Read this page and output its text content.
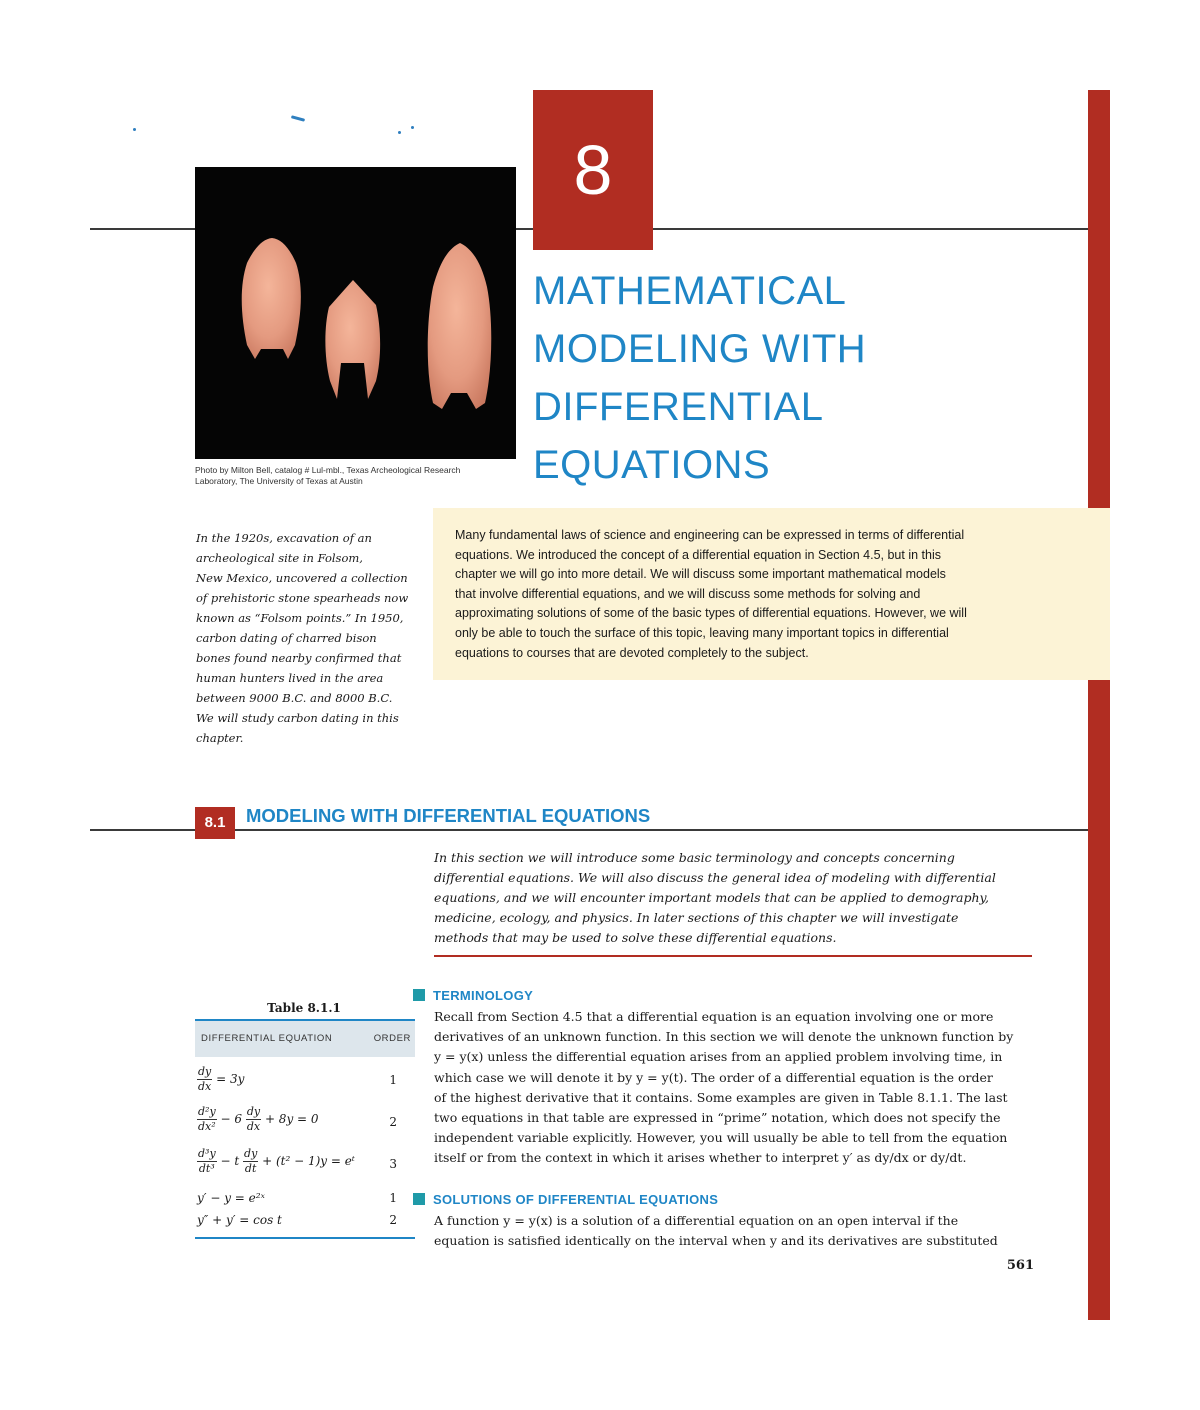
Photo by Milton Bell, catalog # Lul-mbl., Texas Archeological Research
Laboratory, The University of Texas at Austin
8
MATHEMATICAL
MODELING WITH
DIFFERENTIAL
EQUATIONS
In the 1920s, excavation of an
archeological site in Folsom,
New Mexico, uncovered a collection
of prehistoric stone spearheads now
known as “Folsom points.” In 1950,
carbon dating of charred bison
bones found nearby confirmed that
human hunters lived in the area
between 9000 B.C. and 8000 B.C.
We will study carbon dating in this
chapter.
Many fundamental laws of science and engineering can be expressed in terms of differential
equations. We introduced the concept of a differential equation in Section 4.5, but in this
chapter we will go into more detail. We will discuss some important mathematical models
that involve differential equations, and we will discuss some methods for solving and
approximating solutions of some of the basic types of differential equations. However, we will
only be able to touch the surface of this topic, leaving many important topics in differential
equations to courses that are devoted completely to the subject.
8.1	MODELING WITH DIFFERENTIAL EQUATIONS
In this section we will introduce some basic terminology and concepts concerning
differential equations. We will also discuss the general idea of modeling with differential
equations, and we will encounter important models that can be applied to demography,
medicine, ecology, and physics. In later sections of this chapter we will investigate
methods that may be used to solve these differential equations.
Table 8.1.1
DIFFERENTIAL EQUATION	ORDER
$\frac{dy}{dx} = 3y$	1
$\frac{\text{d²y}}{\text{dx²}} - 6 \frac{dy}{dx} + 8y = 0$	2
$\frac{\text{d³y}}{\text{dt³}} - t \frac{dy}{dt} + (t^2 - 1)y$ = eᵗ	3
y′ − y = e²ˣ	1
y″ + y′ = cos t	2
TERMINOLOGY
Recall from Section 4.5 that a differential equation is an equation involving one or more
derivatives of an unknown function. In this section we will denote the unknown function by
y = y(x) unless the differential equation arises from an applied problem involving time, in
which case we will denote it by y = y(t). The order of a differential equation is the order
of the highest derivative that it contains. Some examples are given in Table 8.1.1. The last
two equations in that table are expressed in “prime” notation, which does not specify the
independent variable explicitly. However, you will usually be able to tell from the equation
itself or from the context in which it arises whether to interpret y′ as dy/dx or dy/dt.
SOLUTIONS OF DIFFERENTIAL EQUATIONS
A function y = y(x) is a solution of a differential equation on an open interval if the
equation is satisfied identically on the interval when y and its derivatives are substituted
561
